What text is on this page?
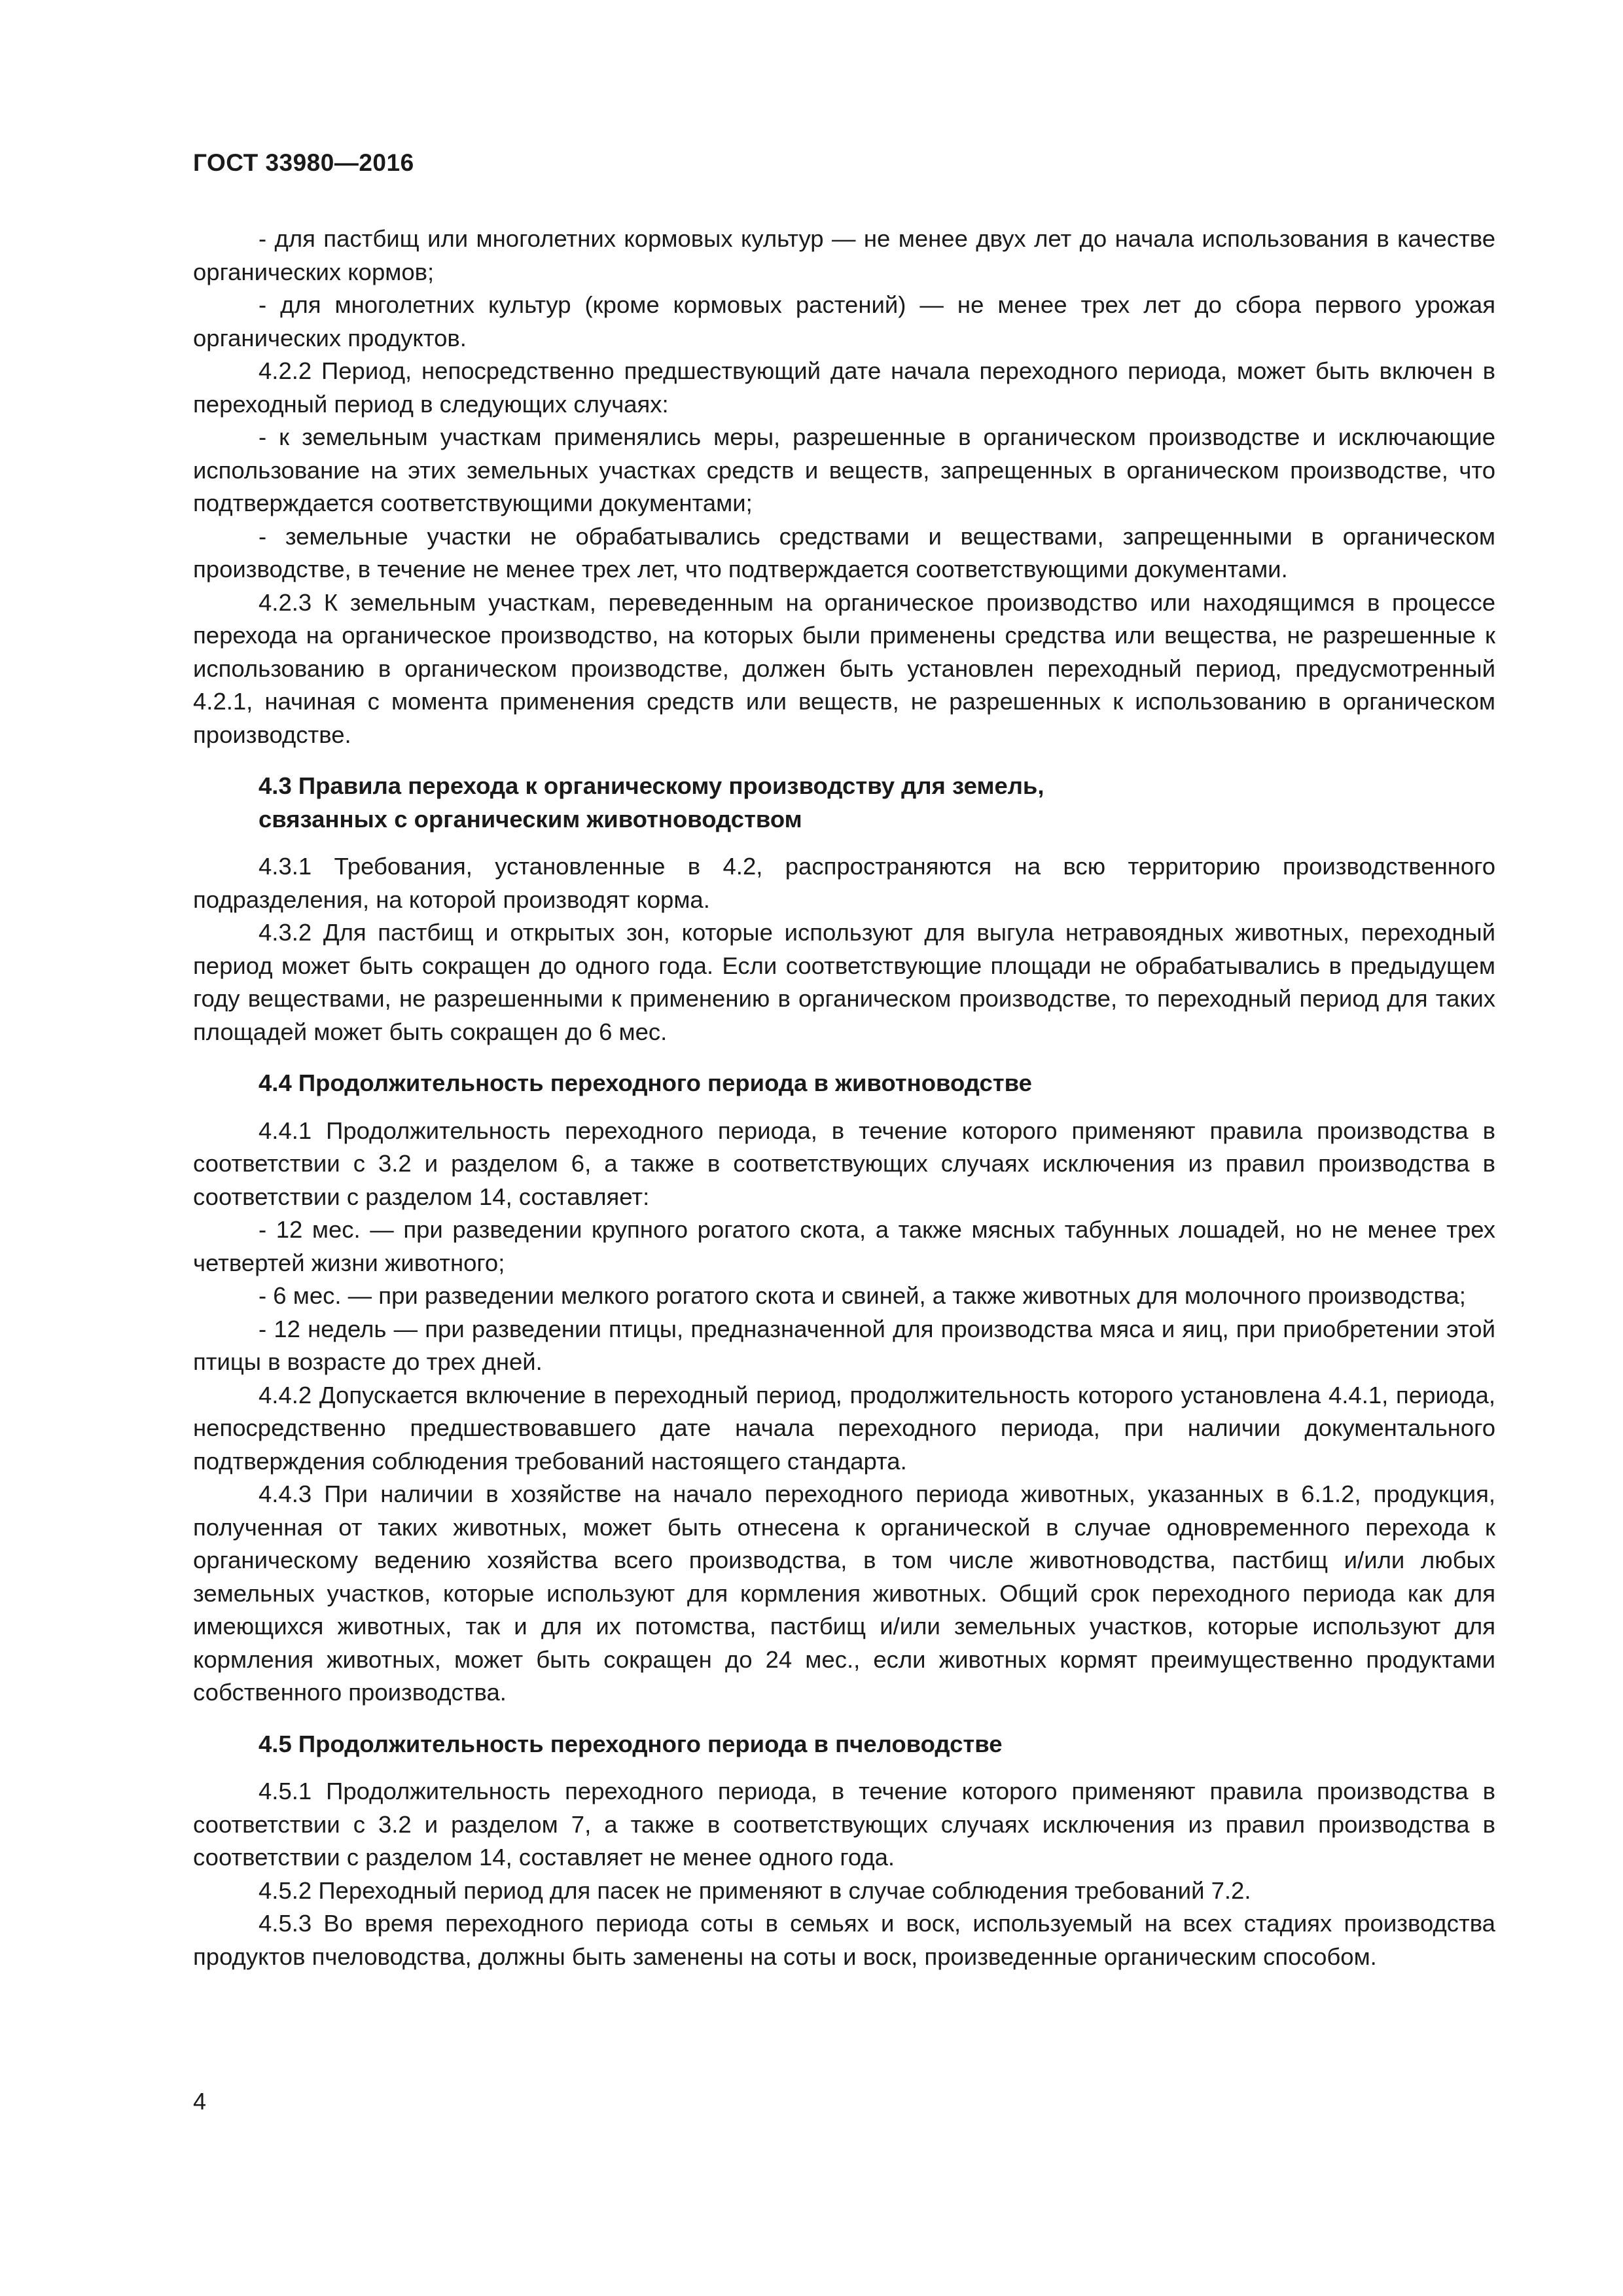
ГОСТ 33980—2016

- для пастбищ или многолетних кормовых культур — не менее двух лет до начала использования в качестве органических кормов;

- для многолетних культур (кроме кормовых растений) — не менее трех лет до сбора первого урожая органических продуктов.

4.2.2 Период, непосредственно предшествующий дате начала переходного периода, может быть включен в переходный период в следующих случаях:

- к земельным участкам применялись меры, разрешенные в органическом производстве и исключающие использование на этих земельных участках средств и веществ, запрещенных в органическом производстве, что подтверждается соответствующими документами;

- земельные участки не обрабатывались средствами и веществами, запрещенными в органическом производстве, в течение не менее трех лет, что подтверждается соответствующими документами.

4.2.3 К земельным участкам, переведенным на органическое производство или находящимся в процессе перехода на органическое производство, на которых были применены средства или вещества, не разрешенные к использованию в органическом производстве, должен быть установлен переходный период, предусмотренный 4.2.1, начиная с момента применения средств или веществ, не разрешенных к использованию в органическом производстве.

4.3 Правила перехода к органическому производству для земель,
связанных с органическим животноводством

4.3.1 Требования, установленные в 4.2, распространяются на всю территорию производственного подразделения, на которой производят корма.

4.3.2 Для пастбищ и открытых зон, которые используют для выгула нетравоядных животных, переходный период может быть сокращен до одного года. Если соответствующие площади не обрабатывались в предыдущем году веществами, не разрешенными к применению в органическом производстве, то переходный период для таких площадей может быть сокращен до 6 мес.

4.4 Продолжительность переходного периода в животноводстве

4.4.1 Продолжительность переходного периода, в течение которого применяют правила производства в соответствии с 3.2 и разделом 6, а также в соответствующих случаях исключения из правил производства в соответствии с разделом 14, составляет:

- 12 мес. — при разведении крупного рогатого скота, а также мясных табунных лошадей, но не менее трех четвертей жизни животного;

- 6 мес. — при разведении мелкого рогатого скота и свиней, а также животных для молочного производства;

- 12 недель — при разведении птицы, предназначенной для производства мяса и яиц, при приобретении этой птицы в возрасте до трех дней.

4.4.2 Допускается включение в переходный период, продолжительность которого установлена 4.4.1, периода, непосредственно предшествовавшего дате начала переходного периода, при наличии документального подтверждения соблюдения требований настоящего стандарта.

4.4.3 При наличии в хозяйстве на начало переходного периода животных, указанных в 6.1.2, продукция, полученная от таких животных, может быть отнесена к органической в случае одновременного перехода к органическому ведению хозяйства всего производства, в том числе животноводства, пастбищ и/или любых земельных участков, которые используют для кормления животных. Общий срок переходного периода как для имеющихся животных, так и для их потомства, пастбищ и/или земельных участков, которые используют для кормления животных, может быть сокращен до 24 мес., если животных кормят преимущественно продуктами собственного производства.

4.5 Продолжительность переходного периода в пчеловодстве

4.5.1 Продолжительность переходного периода, в течение которого применяют правила производства в соответствии с 3.2 и разделом 7, а также в соответствующих случаях исключения из правил производства в соответствии с разделом 14, составляет не менее одного года.

4.5.2 Переходный период для пасек не применяют в случае соблюдения требований 7.2.

4.5.3 Во время переходного периода соты в семьях и воск, используемый на всех стадиях производства продуктов пчеловодства, должны быть заменены на соты и воск, произведенные органическим способом.

4
